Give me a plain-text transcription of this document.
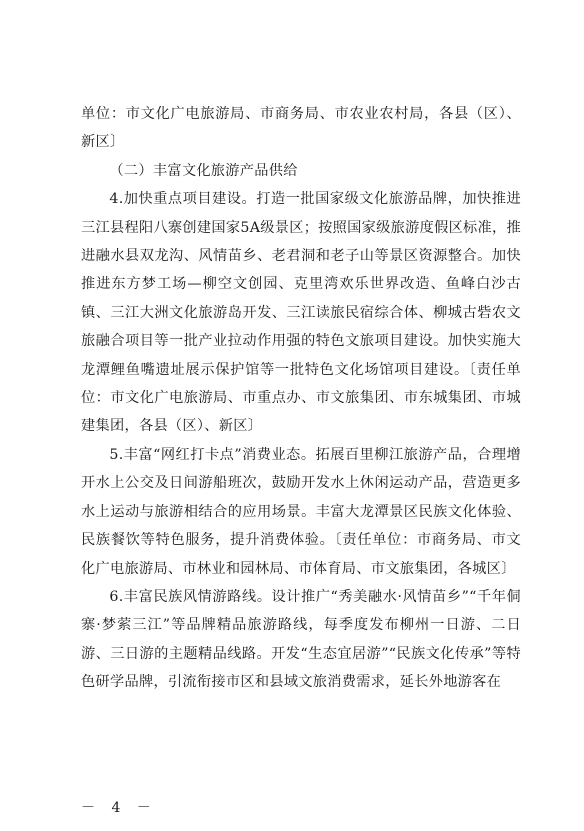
单位：市文化广电旅游局、市商务局、市农业农村局，各县（区）、新区〕

（二）丰富文化旅游产品供给

4.加快重点项目建设。打造一批国家级文化旅游品牌，加快推进三江县程阳八寨创建国家5A级景区；按照国家级旅游度假区标准，推进融水县双龙沟、风情苗乡、老君洞和老子山等景区资源整合。加快推进东方梦工场—柳空文创园、克里湾欢乐世界改造、鱼峰白沙古镇、三江大洲文化旅游岛开发、三江读旅民宿综合体、柳城古砦农文旅融合项目等一批产业拉动作用强的特色文旅项目建设。加快实施大龙潭鲤鱼嘴遗址展示保护馆等一批特色文化场馆项目建设。〔责任单位：市文化广电旅游局、市重点办、市文旅集团、市东城集团、市城建集团，各县（区）、新区〕

5.丰富“网红打卡点”消费业态。拓展百里柳江旅游产品，合理增开水上公交及日间游船班次，鼓励开发水上休闲运动产品，营造更多水上运动与旅游相结合的应用场景。丰富大龙潭景区民族文化体验、民族餐饮等特色服务，提升消费体验。〔责任单位：市商务局、市文化广电旅游局、市林业和园林局、市体育局、市文旅集团，各城区〕

6.丰富民族风情游路线。设计推广“秀美融水·风情苗乡”“千年侗寨·梦萦三江”等品牌精品旅游路线，每季度发布柳州一日游、二日游、三日游的主题精品线路。开发“生态宜居游”“民族文化传承”等特色研学品牌，引流衔接市区和县域文旅消费需求，延长外地游客在

－ 4 －
